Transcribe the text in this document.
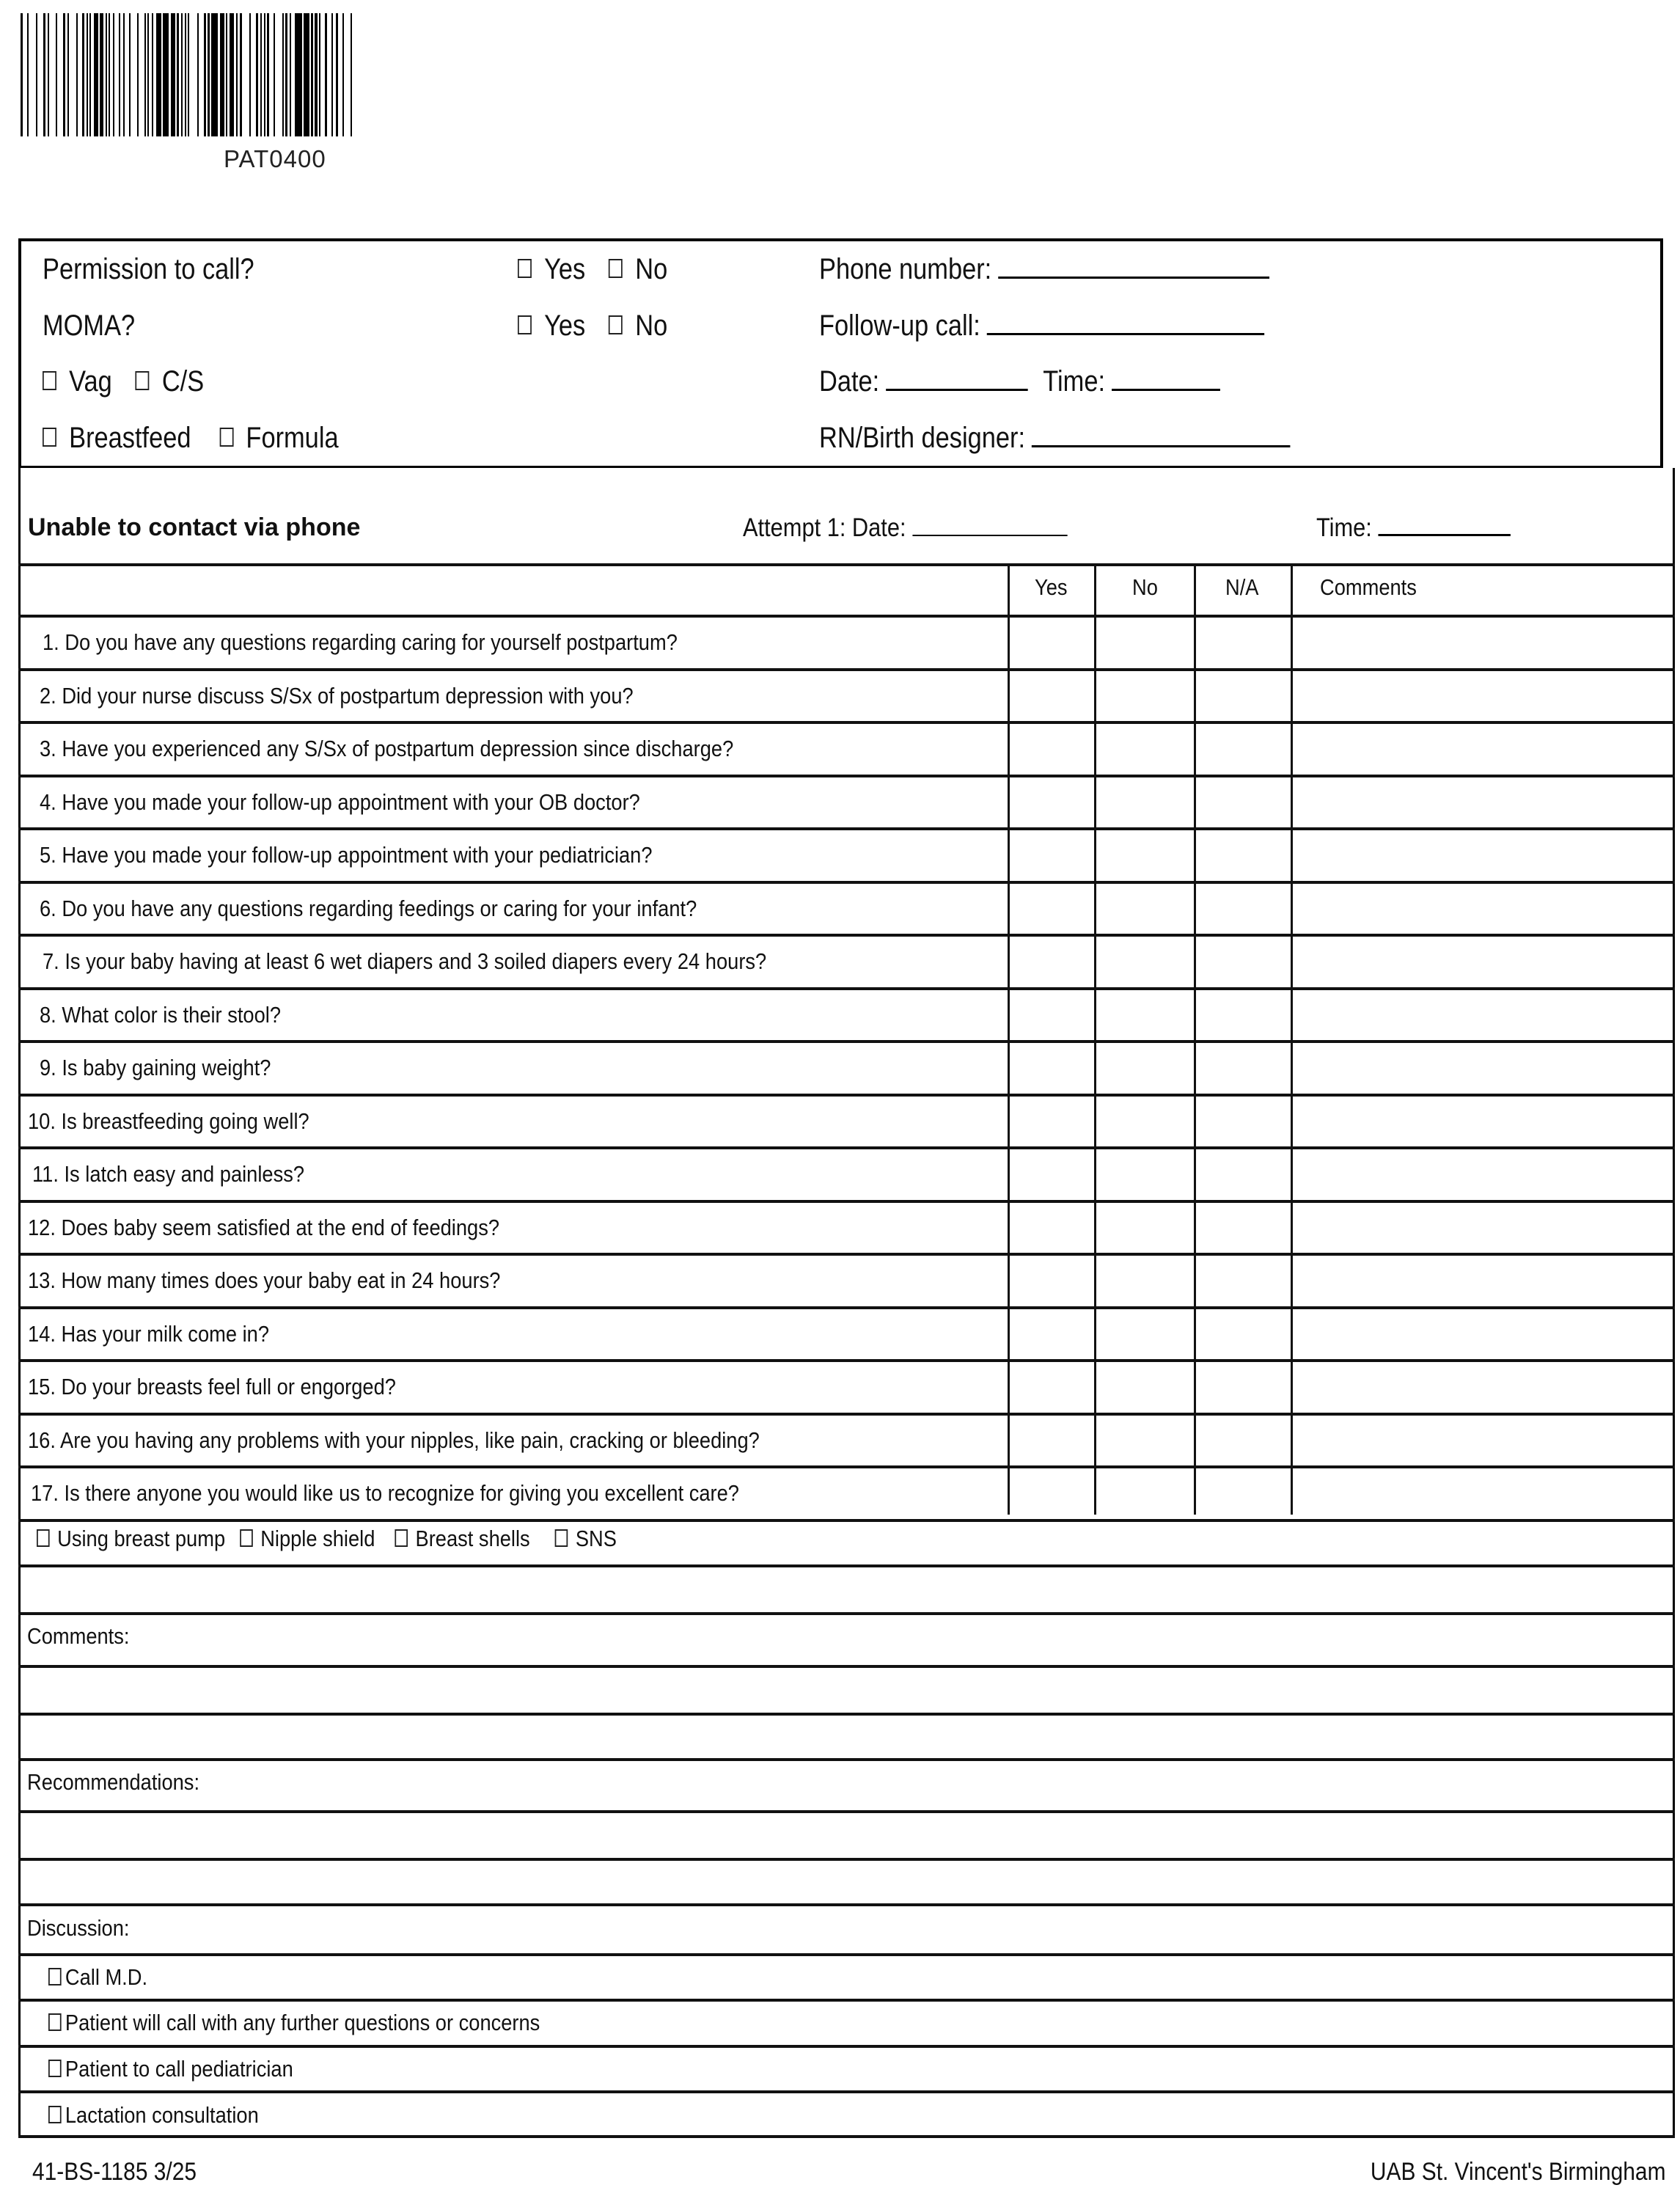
PAT0400
Permission to call?	Yes No
MOMA?	Yes No
Vag C/S
Breastfeed Formula
Phone number:
Follow-up call:
Date:	Time:
RN/Birth designer:
Unable to contact via phone	Attempt 1: Date:	Time:
Yes	No	N/A	Comments
1. Do you have any questions regarding caring for yourself postpartum?
2. Did your nurse discuss S/Sx of postpartum depression with you?
3. Have you experienced any S/Sx of postpartum depression since discharge?
4. Have you made your follow-up appointment with your OB doctor?
5. Have you made your follow-up appointment with your pediatrician?
6. Do you have any questions regarding feedings or caring for your infant?
7. Is your baby having at least 6 wet diapers and 3 soiled diapers every 24 hours?
8. What color is their stool?
9. Is baby gaining weight?
10. Is breastfeeding going well?
11. Is latch easy and painless?
12. Does baby seem satisfied at the end of feedings?
13. How many times does your baby eat in 24 hours?
14. Has your milk come in?
15. Do your breasts feel full or engorged?
16. Are you having any problems with your nipples, like pain, cracking or bleeding?
17. Is there anyone you would like us to recognize for giving you excellent care?
Using breast pump Nipple shield Breast shells SNS
Comments:
Recommendations:
Discussion:
Call M.D.
Patient will call with any further questions or concerns
Patient to call pediatrician
Lactation consultation
41-BS-1185 3/25	UAB St. Vincent's Birmingham
